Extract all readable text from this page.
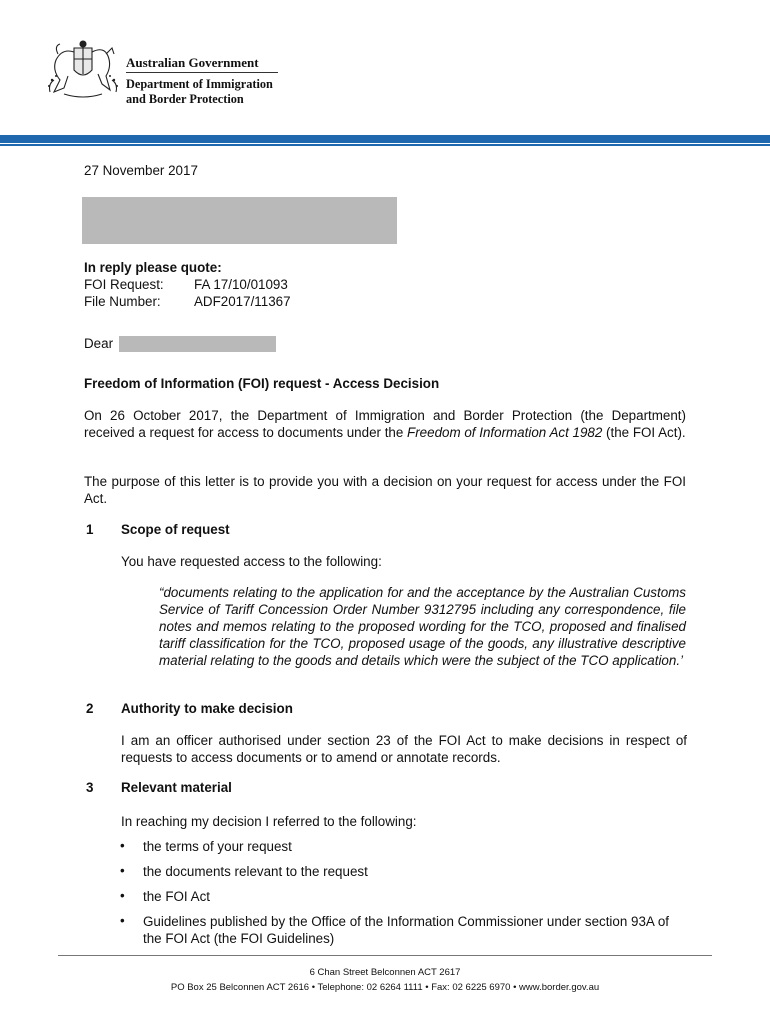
Australian Government
Department of Immigration
and Border Protection
27 November 2017
In reply please quote:
FOI Request: FA 17/10/01093
File Number: ADF2017/11367
Dear
Freedom of Information (FOI) request - Access Decision
On 26 October 2017, the Department of Immigration and Border Protection (the Department) received a request for access to documents under the Freedom of Information Act 1982 (the FOI Act).
The purpose of this letter is to provide you with a decision on your request for access under the FOI Act.
1 Scope of request
You have requested access to the following:
“documents relating to the application for and the acceptance by the Australian Customs Service of Tariff Concession Order Number 9312795 including any correspondence, file notes and memos relating to the proposed wording for the TCO, proposed and finalised tariff classification for the TCO, proposed usage of the goods, any illustrative descriptive material relating to the goods and details which were the subject of the TCO application.’
2 Authority to make decision
I am an officer authorised under section 23 of the FOI Act to make decisions in respect of requests to access documents or to amend or annotate records.
3 Relevant material
In reaching my decision I referred to the following:
• the terms of your request
• the documents relevant to the request
• the FOI Act
• Guidelines published by the Office of the Information Commissioner under section 93A of the FOI Act (the FOI Guidelines)
6 Chan Street Belconnen ACT 2617
PO Box 25 Belconnen ACT 2616 • Telephone: 02 6264 1111 • Fax: 02 6225 6970 • www.border.gov.au
